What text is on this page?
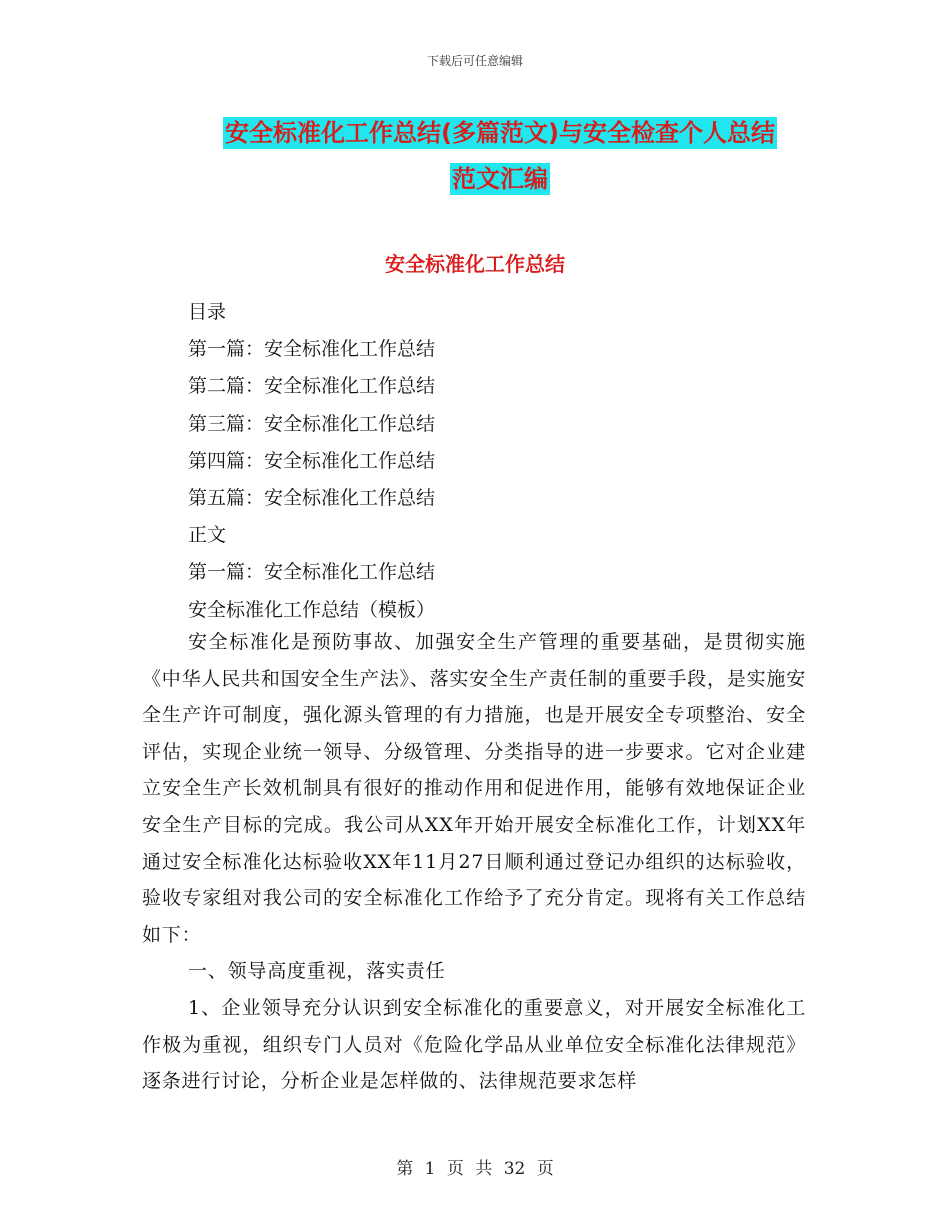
下载后可任意编辑
安全标准化工作总结(多篇范文)与安全检查个人总结
范文汇编
安全标准化工作总结
目录
第一篇：安全标准化工作总结
第二篇：安全标准化工作总结
第三篇：安全标准化工作总结
第四篇：安全标准化工作总结
第五篇：安全标准化工作总结
正文
第一篇：安全标准化工作总结
安全标准化工作总结（模板）

安全标准化是预防事故、加强安全生产管理的重要基础，是贯彻实施《中华人民共和国安全生产法》、落实安全生产责任制的重要手段，是实施安全生产许可制度，强化源头管理的有力措施，也是开展安全专项整治、安全评估，实现企业统一领导、分级管理、分类指导的进一步要求。它对企业建立安全生产长效机制具有很好的推动作用和促进作用，能够有效地保证企业安全生产目标的完成。我公司从XX年开始开展安全标准化工作，计划XX年通过安全标准化达标验收XX年11月27日顺利通过登记办组织的达标验收，验收专家组对我公司的安全标准化工作给予了充分肯定。现将有关工作总结如下：

一、领导高度重视，落实责任

1、企业领导充分认识到安全标准化的重要意义，对开展安全标准化工作极为重视，组织专门人员对《危险化学品从业单位安全标准化法律规范》逐条进行讨论，分析企业是怎样做的、法律规范要求怎样

第 1 页 共 32 页
